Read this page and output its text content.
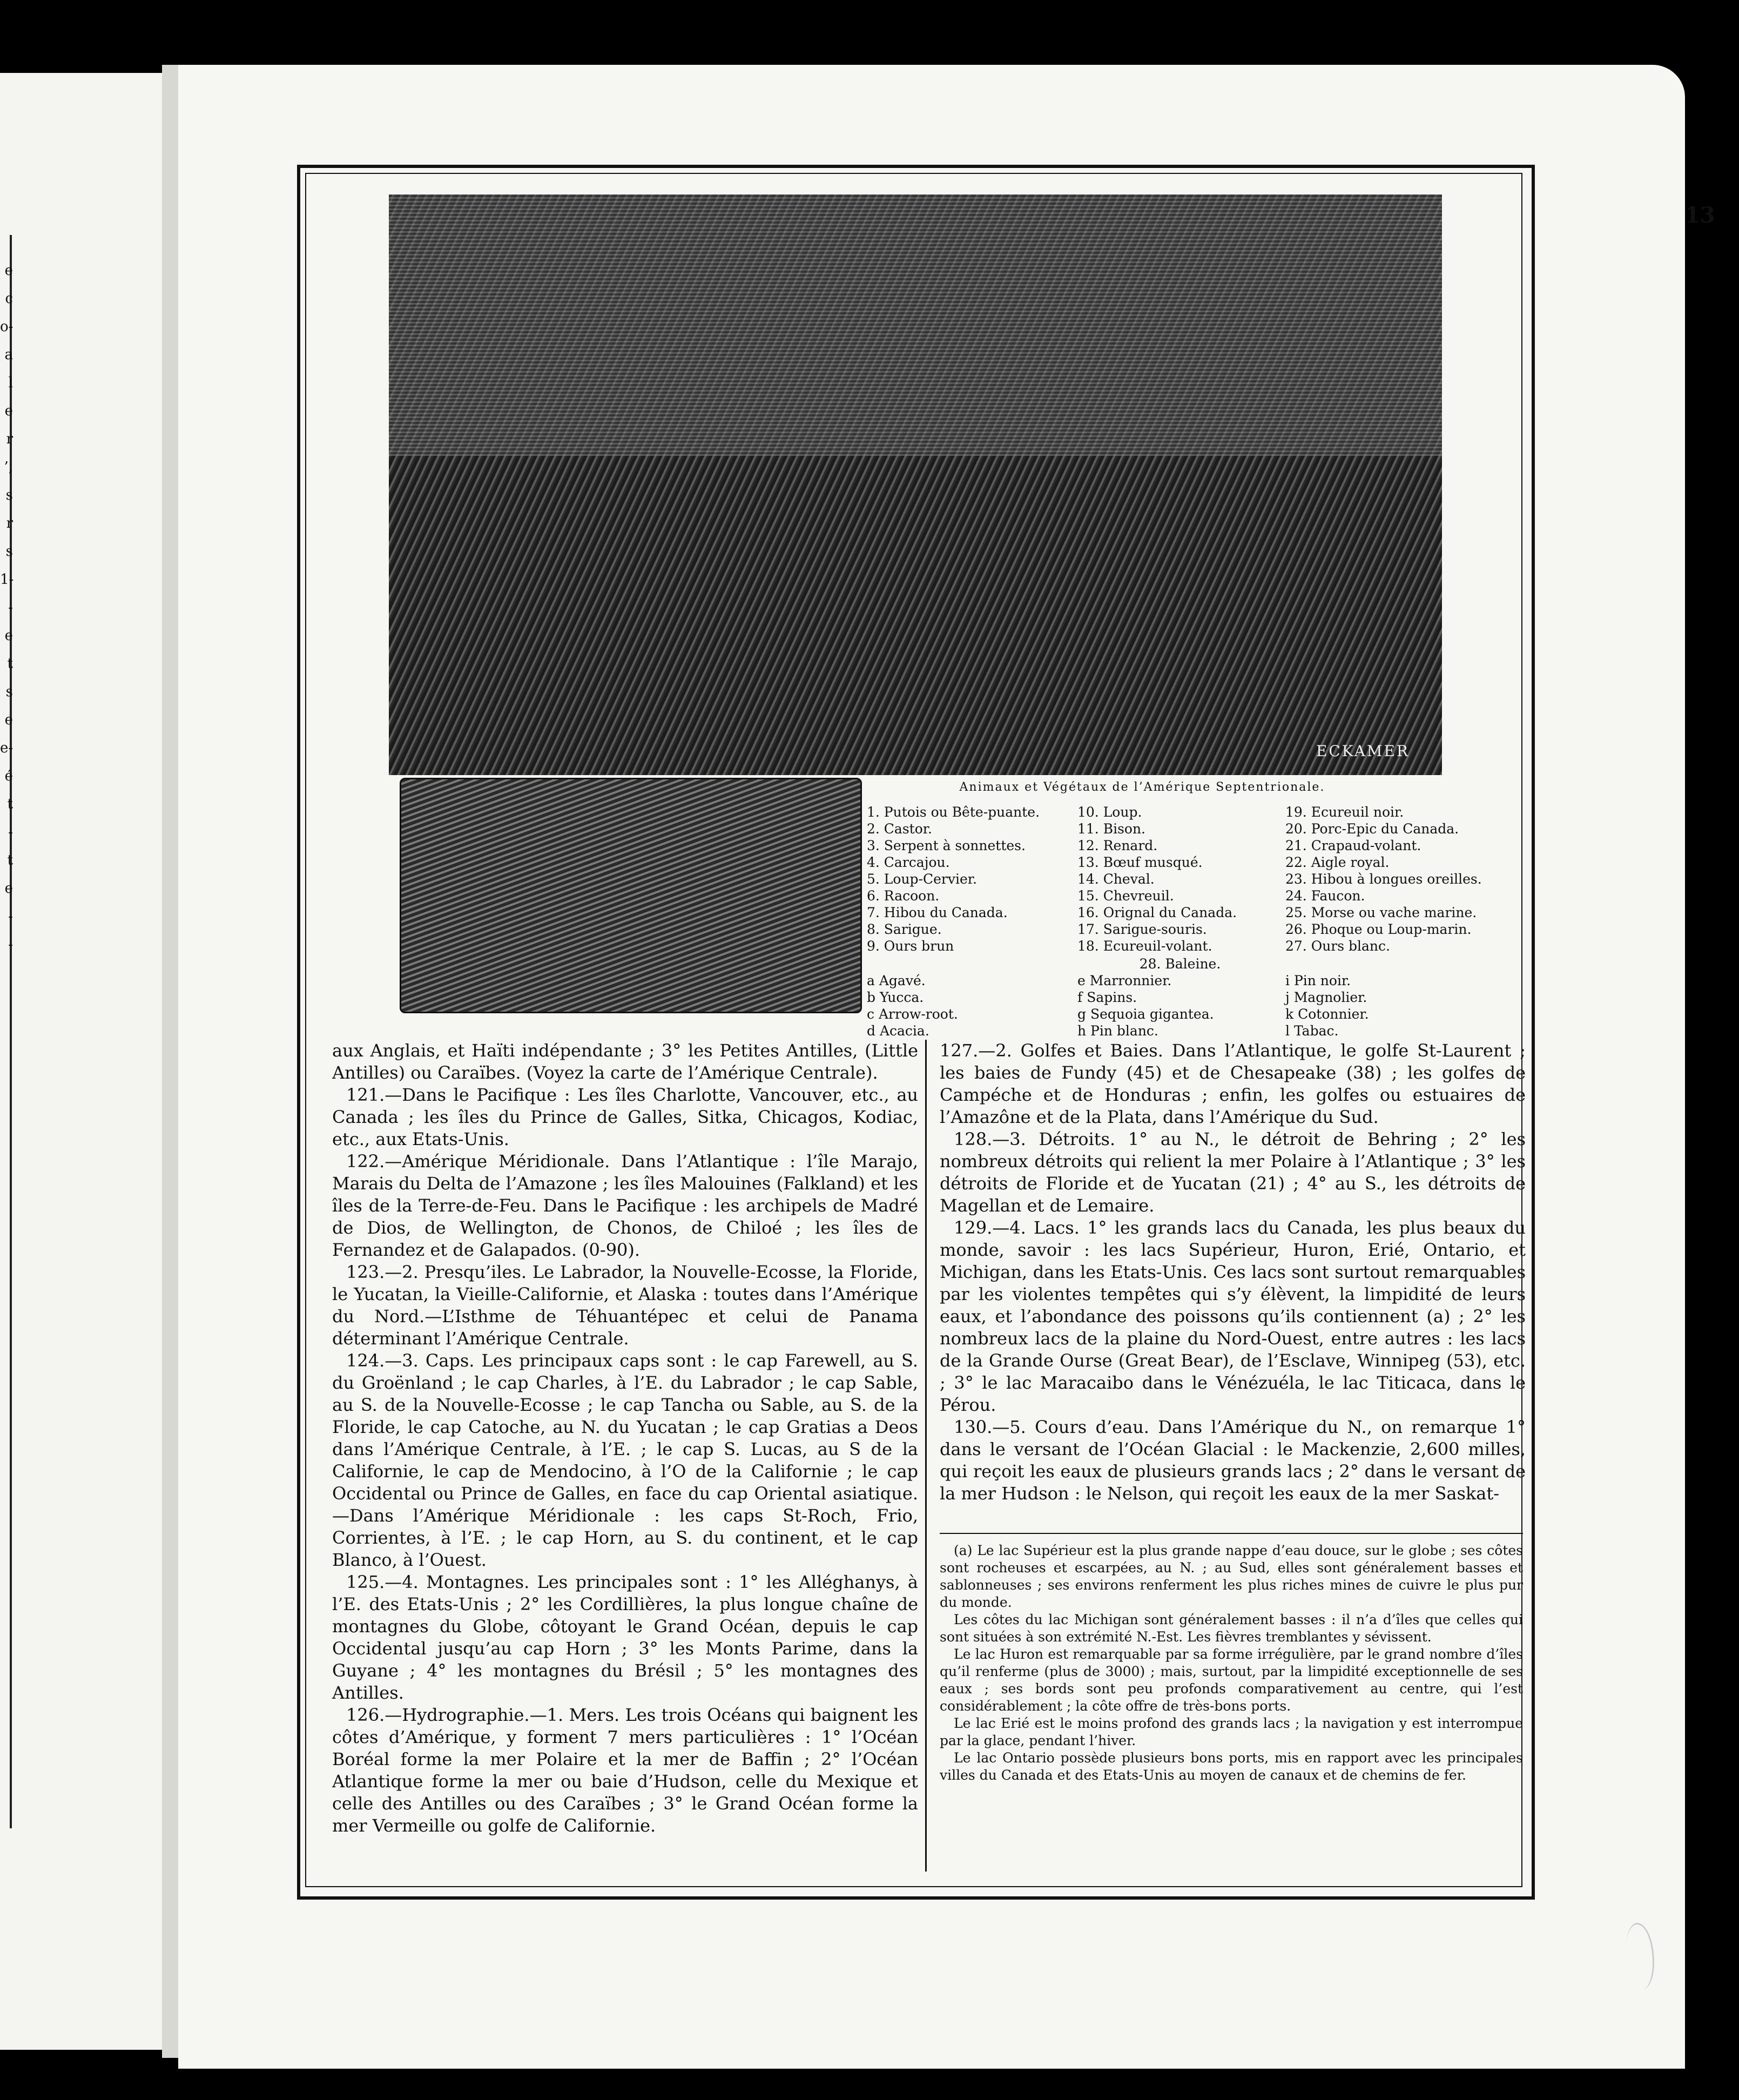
e
c
o-
a
l
e
r
’,
s
r
s
1-
-
e
t
s
e
e-
é
t
-
t
e
-
-
13
ECKAMER
Animaux et Végétaux de l’Amérique Septentrionale.
1. Putois ou Bête-puante.
2. Castor.
3. Serpent à sonnettes.
4. Carcajou.
5. Loup-Cervier.
6. Racoon.
7. Hibou du Canada.
8. Sarigue.
9. Ours brun
10. Loup.
11. Bison.
12. Renard.
13. Bœuf musqué.
14. Cheval.
15. Chevreuil.
16. Orignal du Canada.
17. Sarigue-souris.
18. Ecureuil-volant.
19. Ecureuil noir.
20. Porc-Epic du Canada.
21. Crapaud-volant.
22. Aigle royal.
23. Hibou à longues oreilles.
24. Faucon.
25. Morse ou vache marine.
26. Phoque ou Loup-marin.
27. Ours blanc.
28. Baleine.
a Agavé.
b Yucca.
c Arrow-root.
d Acacia.
e Marronnier.
f Sapins.
g Sequoia gigantea.
h Pin blanc.
i Pin noir.
j Magnolier.
k Cotonnier.
l Tabac.

aux Anglais, et Haïti indépendante ; 3° les Petites Antilles, (Little Antilles) ou Caraïbes. (Voyez la carte de l’Amérique Centrale).

121.—Dans le Pacifique : Les îles Charlotte, Vancouver, etc., au Canada ; les îles du Prince de Galles, Sitka, Chicagos, Kodiac, etc., aux Etats-Unis.

122.—Amérique Méridionale. Dans l’Atlantique : l’île Marajo, Marais du Delta de l’Amazone ; les îles Malouines (Falkland) et les îles de la Terre-de-Feu. Dans le Pacifique : les archipels de Madré de Dios, de Wellington, de Chonos, de Chiloé ; les îles de Fernandez et de Galapados. (0-90).

123.—2. Presqu’iles. Le Labrador, la Nouvelle-Ecosse, la Floride, le Yucatan, la Vieille-Californie, et Alaska : toutes dans l’Amérique du Nord.—L’Isthme de Téhuantépec et celui de Panama déterminant l’Amérique Centrale.

124.—3. Caps. Les principaux caps sont : le cap Farewell, au S. du Groënland ; le cap Charles, à l’E. du Labrador ; le cap Sable, au S. de la Nouvelle-Ecosse ; le cap Tancha ou Sable, au S. de la Floride, le cap Catoche, au N. du Yucatan ; le cap Gratias a Deos dans l’Amérique Centrale, à l’E. ; le cap S. Lucas, au S de la Californie, le cap de Mendocino, à l’O de la Californie ; le cap Occidental ou Prince de Galles, en face du cap Oriental asiatique.—Dans l’Amérique Méridionale : les caps St-Roch, Frio, Corrientes, à l’E. ; le cap Horn, au S. du continent, et le cap Blanco, à l’Ouest.

125.—4. Montagnes. Les principales sont : 1° les Alléghanys, à l’E. des Etats-Unis ; 2° les Cordillières, la plus longue chaîne de montagnes du Globe, côtoyant le Grand Océan, depuis le cap Occidental jusqu’au cap Horn ; 3° les Monts Parime, dans la Guyane ; 4° les montagnes du Brésil ; 5° les montagnes des Antilles.

126.—Hydrographie.—1. Mers. Les trois Océans qui baignent les côtes d’Amérique, y forment 7 mers particulières : 1° l’Océan Boréal forme la mer Polaire et la mer de Baffin ; 2° l’Océan Atlantique forme la mer ou baie d’Hudson, celle du Mexique et celle des Antilles ou des Caraïbes ; 3° le Grand Océan forme la mer Vermeille ou golfe de Californie.

127.—2. Golfes et Baies. Dans l’Atlantique, le golfe St-Laurent ; les baies de Fundy (45) et de Chesapeake (38) ; les golfes de Campéche et de Honduras ; enfin, les golfes ou estuaires de l’Amazône et de la Plata, dans l’Amérique du Sud.

128.—3. Détroits. 1° au N., le détroit de Behring ; 2° les nombreux détroits qui relient la mer Polaire à l’Atlantique ; 3° les détroits de Floride et de Yucatan (21) ; 4° au S., les détroits de Magellan et de Lemaire.

129.—4. Lacs. 1° les grands lacs du Canada, les plus beaux du monde, savoir : les lacs Supérieur, Huron, Erié, Ontario, et Michigan, dans les Etats-Unis. Ces lacs sont surtout remarquables par les violentes tempêtes qui s’y élèvent, la limpidité de leurs eaux, et l’abondance des poissons qu’ils contiennent (a) ; 2° les nombreux lacs de la plaine du Nord-Ouest, entre autres : les lacs de la Grande Ourse (Great Bear), de l’Esclave, Winnipeg (53), etc. ; 3° le lac Maracaibo dans le Vénézuéla, le lac Titicaca, dans le Pérou.

130.—5. Cours d’eau. Dans l’Amérique du N., on remarque 1° dans le versant de l’Océan Glacial : le Mackenzie, 2,600 milles, qui reçoit les eaux de plusieurs grands lacs ; 2° dans le versant de la mer Hudson : le Nelson, qui reçoit les eaux de la mer Saskat-

(a) Le lac Supérieur est la plus grande nappe d’eau douce, sur le globe ; ses côtes sont rocheuses et escarpées, au N. ; au Sud, elles sont généralement basses et sablonneuses ; ses environs renferment les plus riches mines de cuivre le plus pur du monde.

Les côtes du lac Michigan sont généralement basses : il n’a d’îles que celles qui sont situées à son extrémité N.-Est. Les fièvres tremblantes y sévissent.

Le lac Huron est remarquable par sa forme irrégulière, par le grand nombre d’îles qu’il renferme (plus de 3000) ; mais, surtout, par la limpidité exceptionnelle de ses eaux ; ses bords sont peu profonds comparativement au centre, qui l’est considérablement ; la côte offre de très-bons ports.

Le lac Erié est le moins profond des grands lacs ; la navigation y est interrompue par la glace, pendant l’hiver.

Le lac Ontario possède plusieurs bons ports, mis en rapport avec les principales villes du Canada et des Etats-Unis au moyen de canaux et de chemins de fer.
